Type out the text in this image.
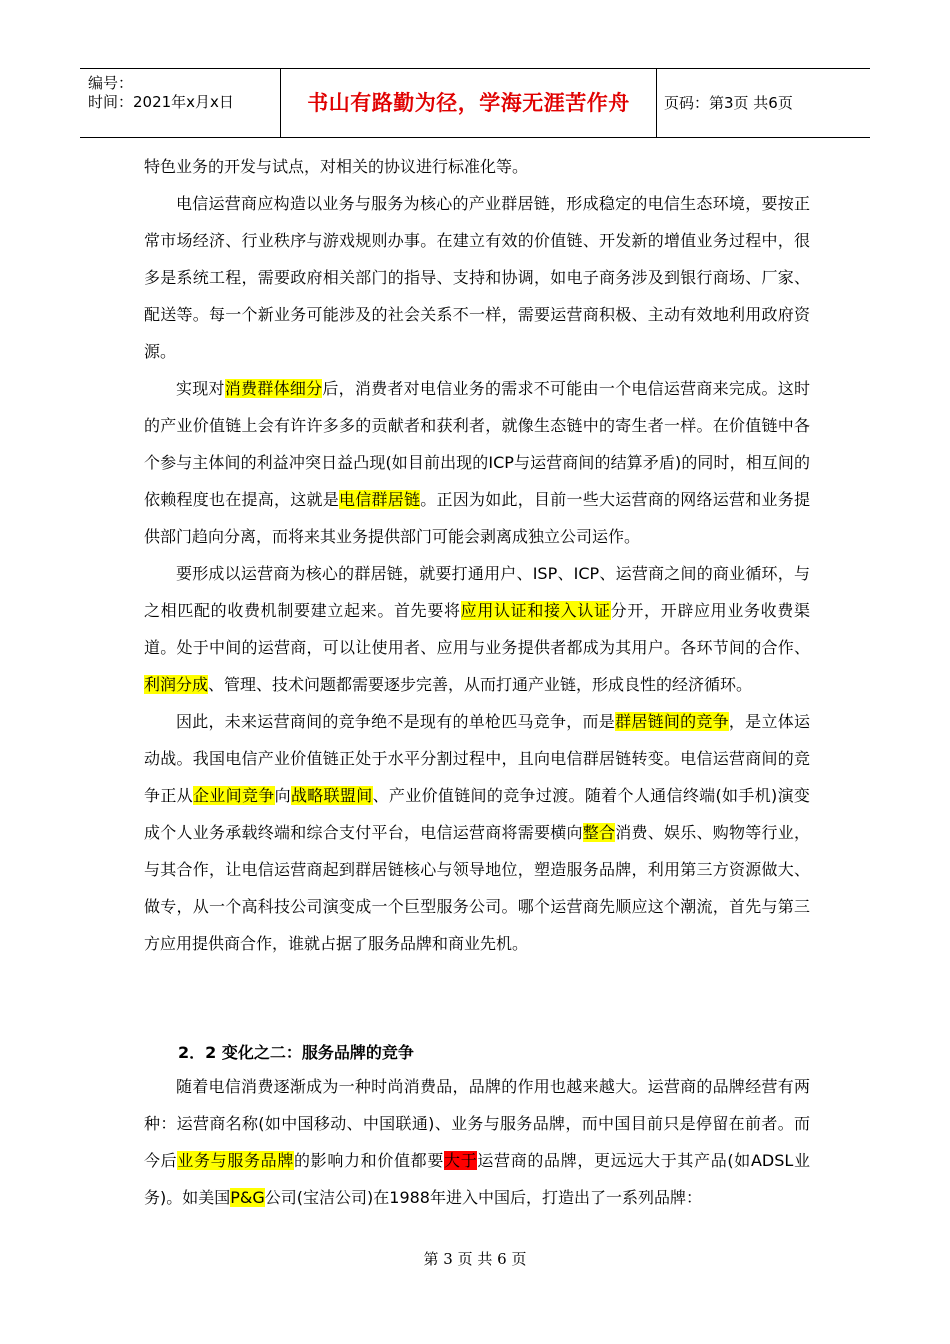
编号：
时间：2021年x月x日	书山有路勤为径，学海无涯苦作舟	页码：第3页 共6页

特色业务的开发与试点，对相关的协议进行标准化等。

电信运营商应构造以业务与服务为核心的产业群居链，形成稳定的电信生态环境，要按正常市场经济、行业秩序与游戏规则办事。在建立有效的价值链、开发新的增值业务过程中，很多是系统工程，需要政府相关部门的指导、支持和协调，如电子商务涉及到银行商场、厂家、配送等。每一个新业务可能涉及的社会关系不一样，需要运营商积极、主动有效地利用政府资源。

实现对消费群体细分后，消费者对电信业务的需求不可能由一个电信运营商来完成。这时的产业价值链上会有许许多多的贡献者和获利者，就像生态链中的寄生者一样。在价值链中各个参与主体间的利益冲突日益凸现(如目前出现的ICP与运营商间的结算矛盾)的同时，相互间的依赖程度也在提高，这就是电信群居链。正因为如此，目前一些大运营商的网络运营和业务提供部门趋向分离，而将来其业务提供部门可能会剥离成独立公司运作。

要形成以运营商为核心的群居链，就要打通用户、ISP、ICP、运营商之间的商业循环，与之相匹配的收费机制要建立起来。首先要将应用认证和接入认证分开，开辟应用业务收费渠道。处于中间的运营商，可以让使用者、应用与业务提供者都成为其用户。各环节间的合作、利润分成、管理、技术问题都需要逐步完善，从而打通产业链，形成良性的经济循环。

因此，未来运营商间的竞争绝不是现有的单枪匹马竞争，而是群居链间的竞争，是立体运动战。我国电信产业价值链正处于水平分割过程中，且向电信群居链转变。电信运营商间的竞争正从企业间竞争向战略联盟间、产业价值链间的竞争过渡。随着个人通信终端(如手机)演变成个人业务承载终端和综合支付平台，电信运营商将需要横向整合消费、娱乐、购物等行业，与其合作，让电信运营商起到群居链核心与领导地位，塑造服务品牌，利用第三方资源做大、做专，从一个高科技公司演变成一个巨型服务公司。哪个运营商先顺应这个潮流，首先与第三方应用提供商合作，谁就占据了服务品牌和商业先机。

2．2 变化之二：服务品牌的竞争

随着电信消费逐渐成为一种时尚消费品，品牌的作用也越来越大。运营商的品牌经营有两种：运营商名称(如中国移动、中国联通)、业务与服务品牌，而中国目前只是停留在前者。而今后业务与服务品牌的影响力和价值都要大于运营商的品牌，更远远大于其产品(如ADSL业务)。如美国P&G公司(宝洁公司)在1988年进入中国后，打造出了一系列品牌：

第 3 页 共 6 页
